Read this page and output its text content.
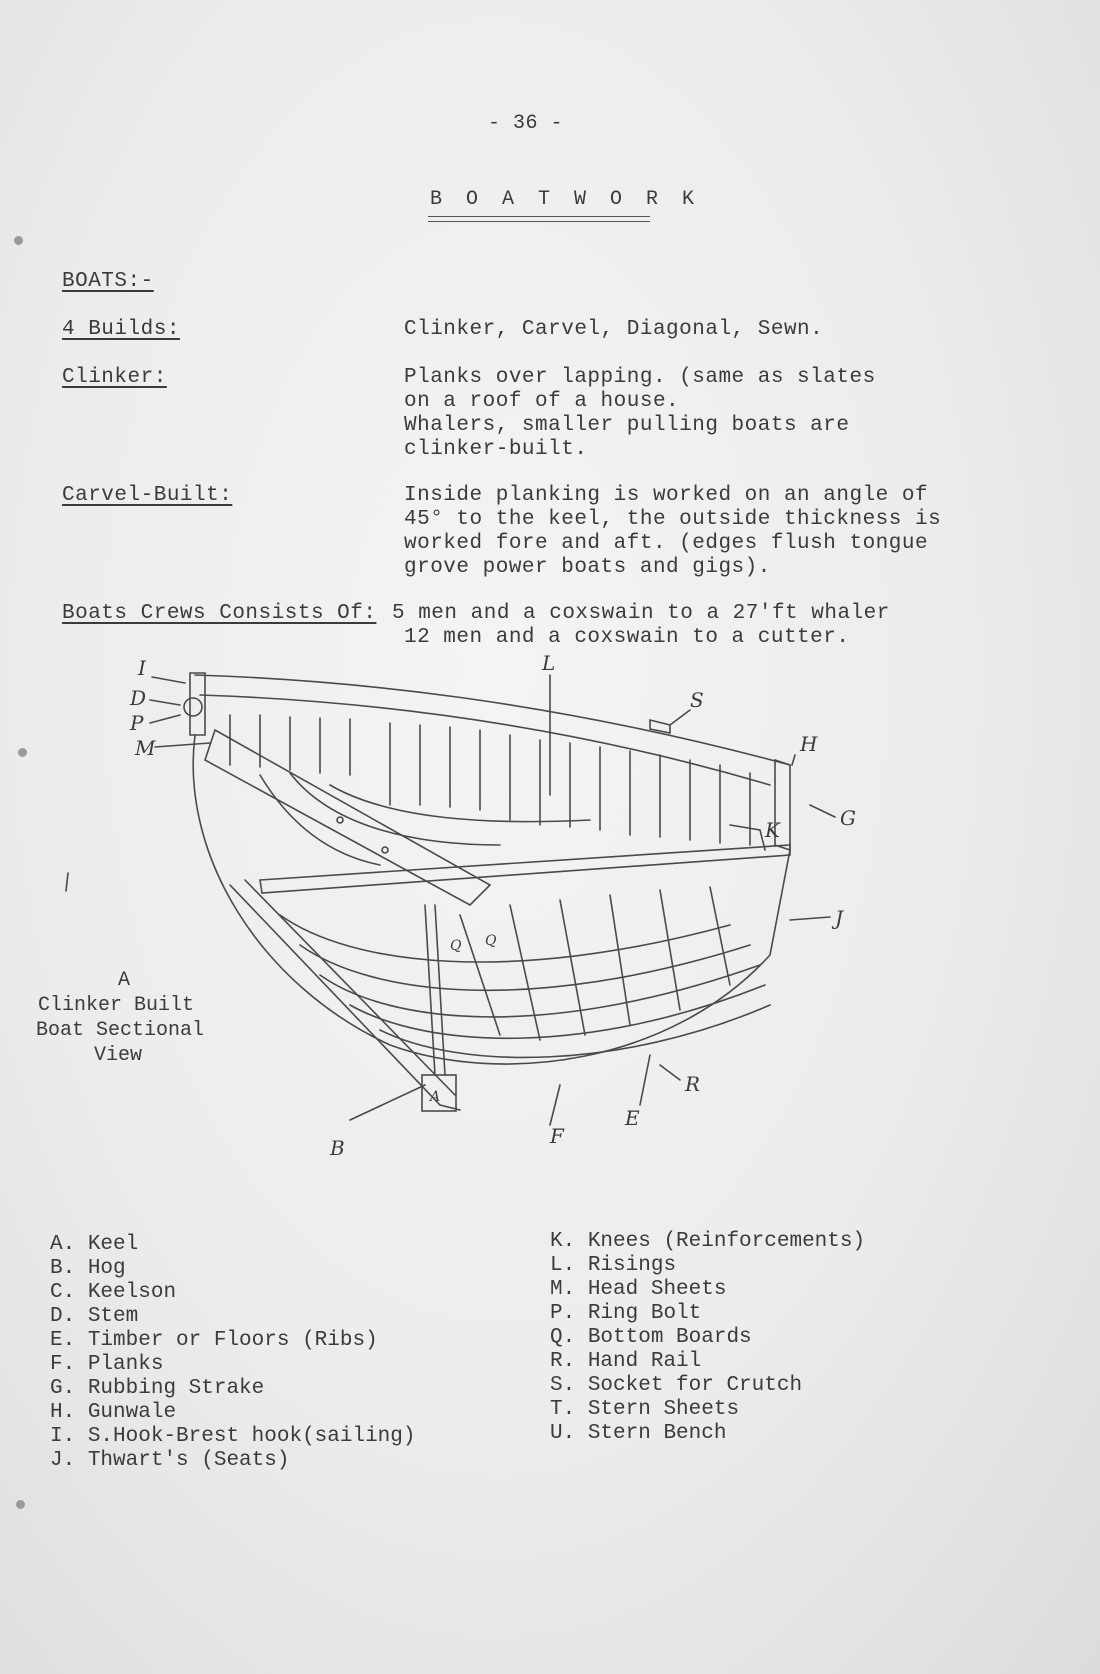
- 36 -
B O A T W O R K
BOATS:-
4 Builds:	Clinker, Carvel, Diagonal, Sewn.
Clinker:	Planks over lapping. (same as slates
on a roof of a house.
Whalers, smaller pulling boats are
clinker-built.
Carvel-Built:	Inside planking is worked on an angle of
45° to the keel, the outside thickness is
worked fore and aft. (edges flush tongue
grove power boats and gigs).
Boats Crews Consists Of: 5 men and a coxswain to a 27'ft whaler
12 men and a coxswain to a cutter.
I
D
P
M
L
S
H
G
K
J
R
E
F
B
A
Q Q
A
Clinker Built
Boat Sectional
View
A. Keel
B. Hog
C. Keelson
D. Stem
E. Timber or Floors (Ribs)
F. Planks
G. Rubbing Strake
H. Gunwale
I. S.Hook-Brest hook(sailing)
J. Thwart's (Seats)
K. Knees (Reinforcements)
L. Risings
M. Head Sheets
P. Ring Bolt
Q. Bottom Boards
R. Hand Rail
S. Socket for Crutch
T. Stern Sheets
U. Stern Bench
